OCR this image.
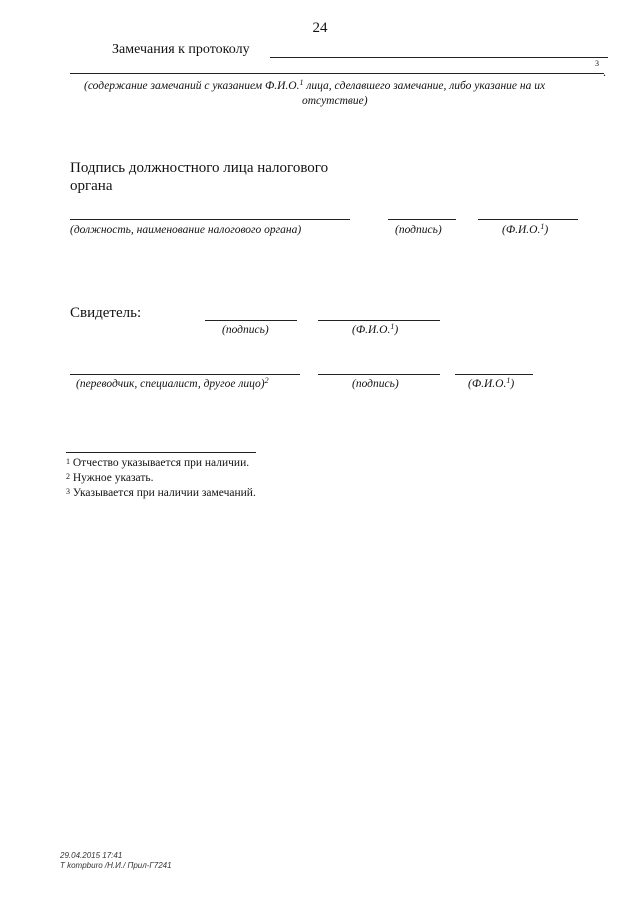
24
Замечания к протоколу
3
.
(содержание замечаний с указанием Ф.И.О.$^1$ лица, сделавшего замечание, либо указание на их
отсутствие)
Подпись должностного лица налогового
органа
(должность, наименование налогового органа)	(подпись)	(Ф.И.О.$^1$)
Свидетель:
(подпись)	(Ф.И.О.$^1$)
(переводчик, специалист, другое лицо)$^2$	(подпись)	(Ф.И.О.$^1$)
$^1$ Отчество указывается при наличии.
$^2$ Нужное указать.
$^3$ Указывается при наличии замечаний.
29.04.2015 17:41
Т kompburo /Н.И./ Прил-Г7241
